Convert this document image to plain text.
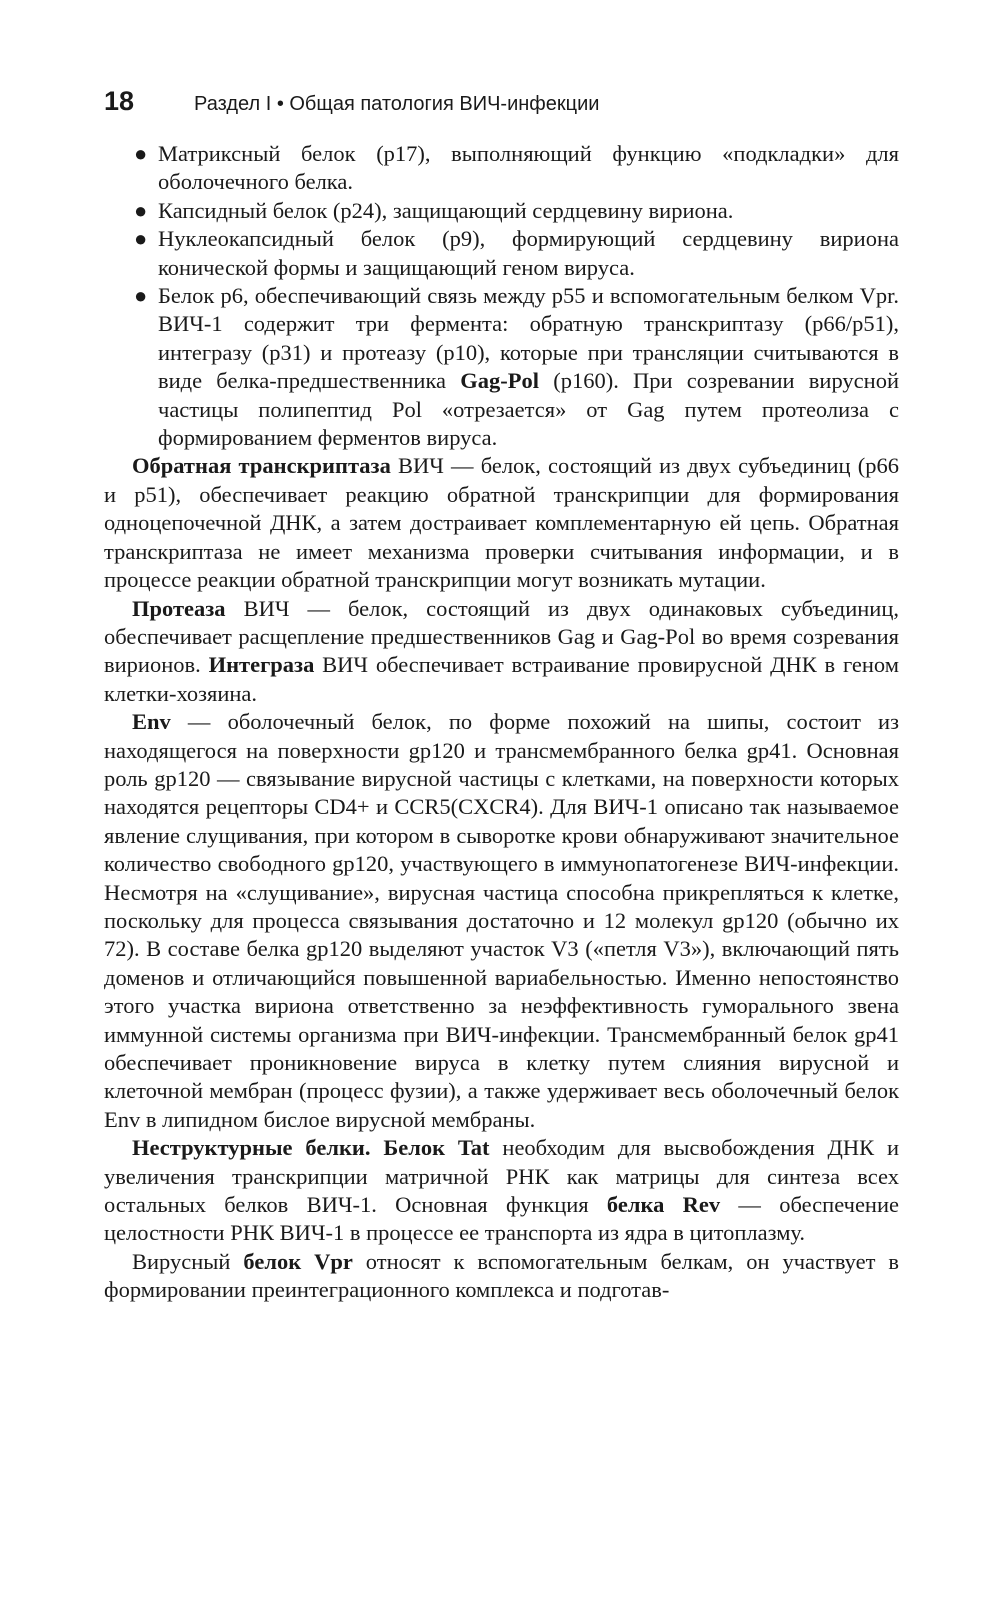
18	Раздел I • Общая патология ВИЧ-инфекции
● Матриксный белок (p17), выполняющий функцию «подкладки» для оболочечного белка.
● Капсидный белок (p24), защищающий сердцевину вириона.
● Нуклеокапсидный белок (p9), формирующий сердцевину вириона конической формы и защищающий геном вируса.
● Белок p6, обеспечивающий связь между p55 и вспомогательным белком Vpr. ВИЧ-1 содержит три фермента: обратную транскриптазу (p66/p51), интегразу (p31) и протеазу (p10), которые при трансляции считываются в виде белка-предшественника Gag-Pol (p160). При созревании вирусной частицы полипептид Pol «отрезается» от Gag путем протеолиза с формированием ферментов вируса.

Обратная транскриптаза ВИЧ — белок, состоящий из двух субъединиц (p66 и p51), обеспечивает реакцию обратной транскрипции для формирования одноцепочечной ДНК, а затем достраивает комплементарную ей цепь. Обратная транскриптаза не имеет механизма проверки считывания информации, и в процессе реакции обратной транскрипции могут возникать мутации.

Протеаза ВИЧ — белок, состоящий из двух одинаковых субъединиц, обеспечивает расщепление предшественников Gag и Gag-Pol во время созревания вирионов. Интеграза ВИЧ обеспечивает встраивание провирусной ДНК в геном клетки-хозяина.

Env — оболочечный белок, по форме похожий на шипы, состоит из находящегося на поверхности gp120 и трансмембранного белка gp41. Основная роль gp120 — связывание вирусной частицы с клетками, на поверхности которых находятся рецепторы CD4+ и CCR5(CXCR4). Для ВИЧ-1 описано так называемое явление слущивания, при котором в сыворотке крови обнаруживают значительное количество свободного gp120, участвующего в иммунопатогенезе ВИЧ-инфекции. Несмотря на «слущивание», вирусная частица способна прикрепляться к клетке, поскольку для процесса связывания достаточно и 12 молекул gp120 (обычно их 72). В составе белка gp120 выделяют участок V3 («петля V3»), включающий пять доменов и отличающийся повышенной вариабельностью. Именно непостоянство этого участка вириона ответственно за неэффективность гуморального звена иммунной системы организма при ВИЧ-инфекции. Трансмембранный белок gp41 обеспечивает проникновение вируса в клетку путем слияния вирусной и клеточной мембран (процесс фузии), а также удерживает весь оболочечный белок Env в липидном бислое вирусной мембраны.

Неструктурные белки. Белок Tat необходим для высвобождения ДНК и увеличения транскрипции матричной РНК как матрицы для синтеза всех остальных белков ВИЧ-1. Основная функция белка Rev — обеспечение целостности РНК ВИЧ-1 в процессе ее транспорта из ядра в цитоплазму.

Вирусный белок Vpr относят к вспомогательным белкам, он участвует в формировании преинтеграционного комплекса и подготав-
